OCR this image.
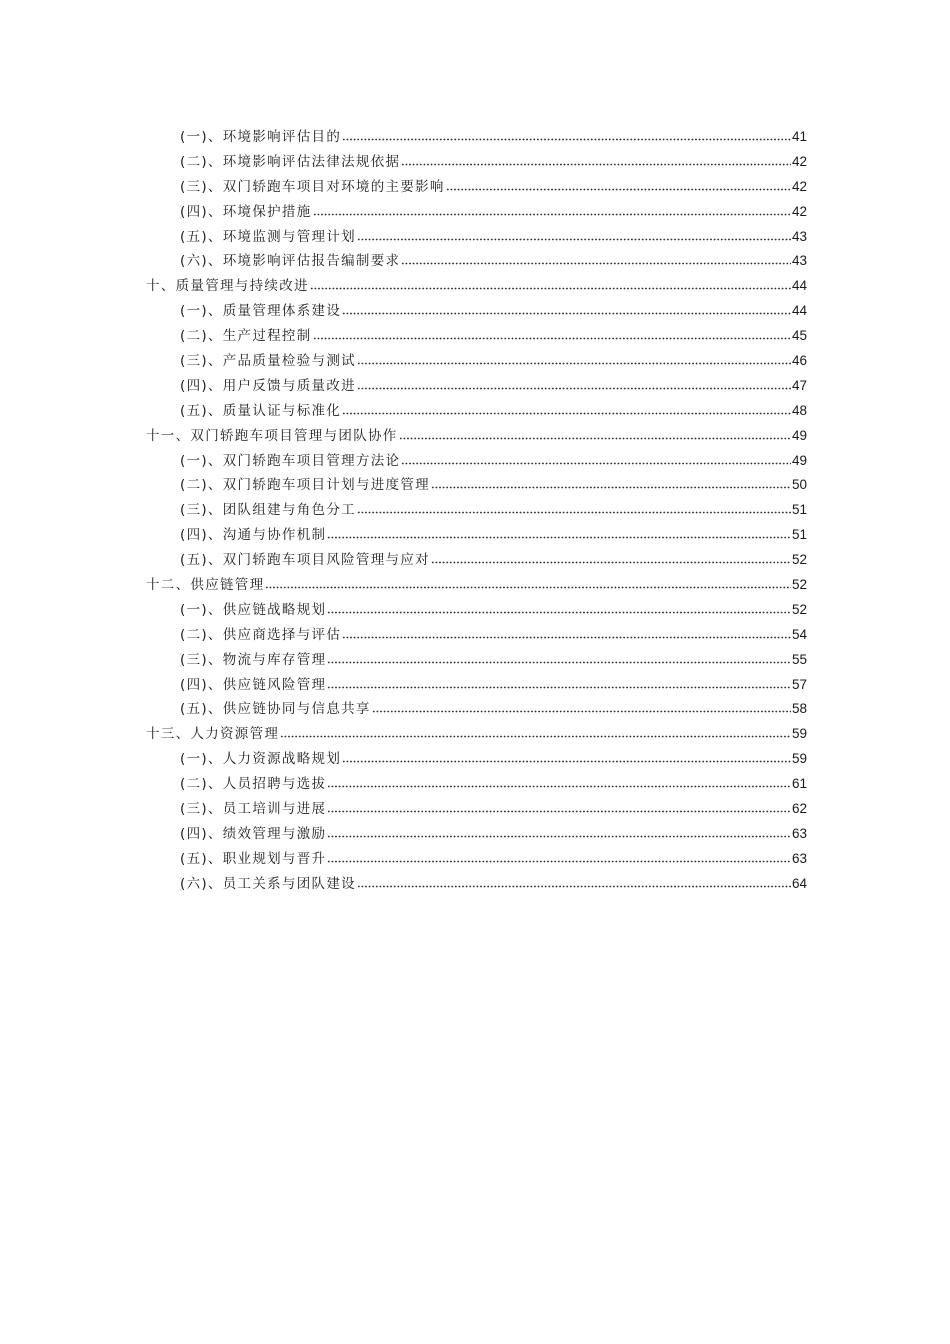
(一)、环境影响评估目的	41
(二)、环境影响评估法律法规依据	42
(三)、双门轿跑车项目对环境的主要影响	42
(四)、环境保护措施	42
(五)、环境监测与管理计划	43
(六)、环境影响评估报告编制要求	43
十、质量管理与持续改进	44
(一)、质量管理体系建设	44
(二)、生产过程控制	45
(三)、产品质量检验与测试	46
(四)、用户反馈与质量改进	47
(五)、质量认证与标准化	48
十一、双门轿跑车项目管理与团队协作	49
(一)、双门轿跑车项目管理方法论	49
(二)、双门轿跑车项目计划与进度管理	50
(三)、团队组建与角色分工	51
(四)、沟通与协作机制	51
(五)、双门轿跑车项目风险管理与应对	52
十二、供应链管理	52
(一)、供应链战略规划	52
(二)、供应商选择与评估	54
(三)、物流与库存管理	55
(四)、供应链风险管理	57
(五)、供应链协同与信息共享	58
十三、人力资源管理	59
(一)、人力资源战略规划	59
(二)、人员招聘与选拔	61
(三)、员工培训与进展	62
(四)、绩效管理与激励	63
(五)、职业规划与晋升	63
(六)、员工关系与团队建设	64
